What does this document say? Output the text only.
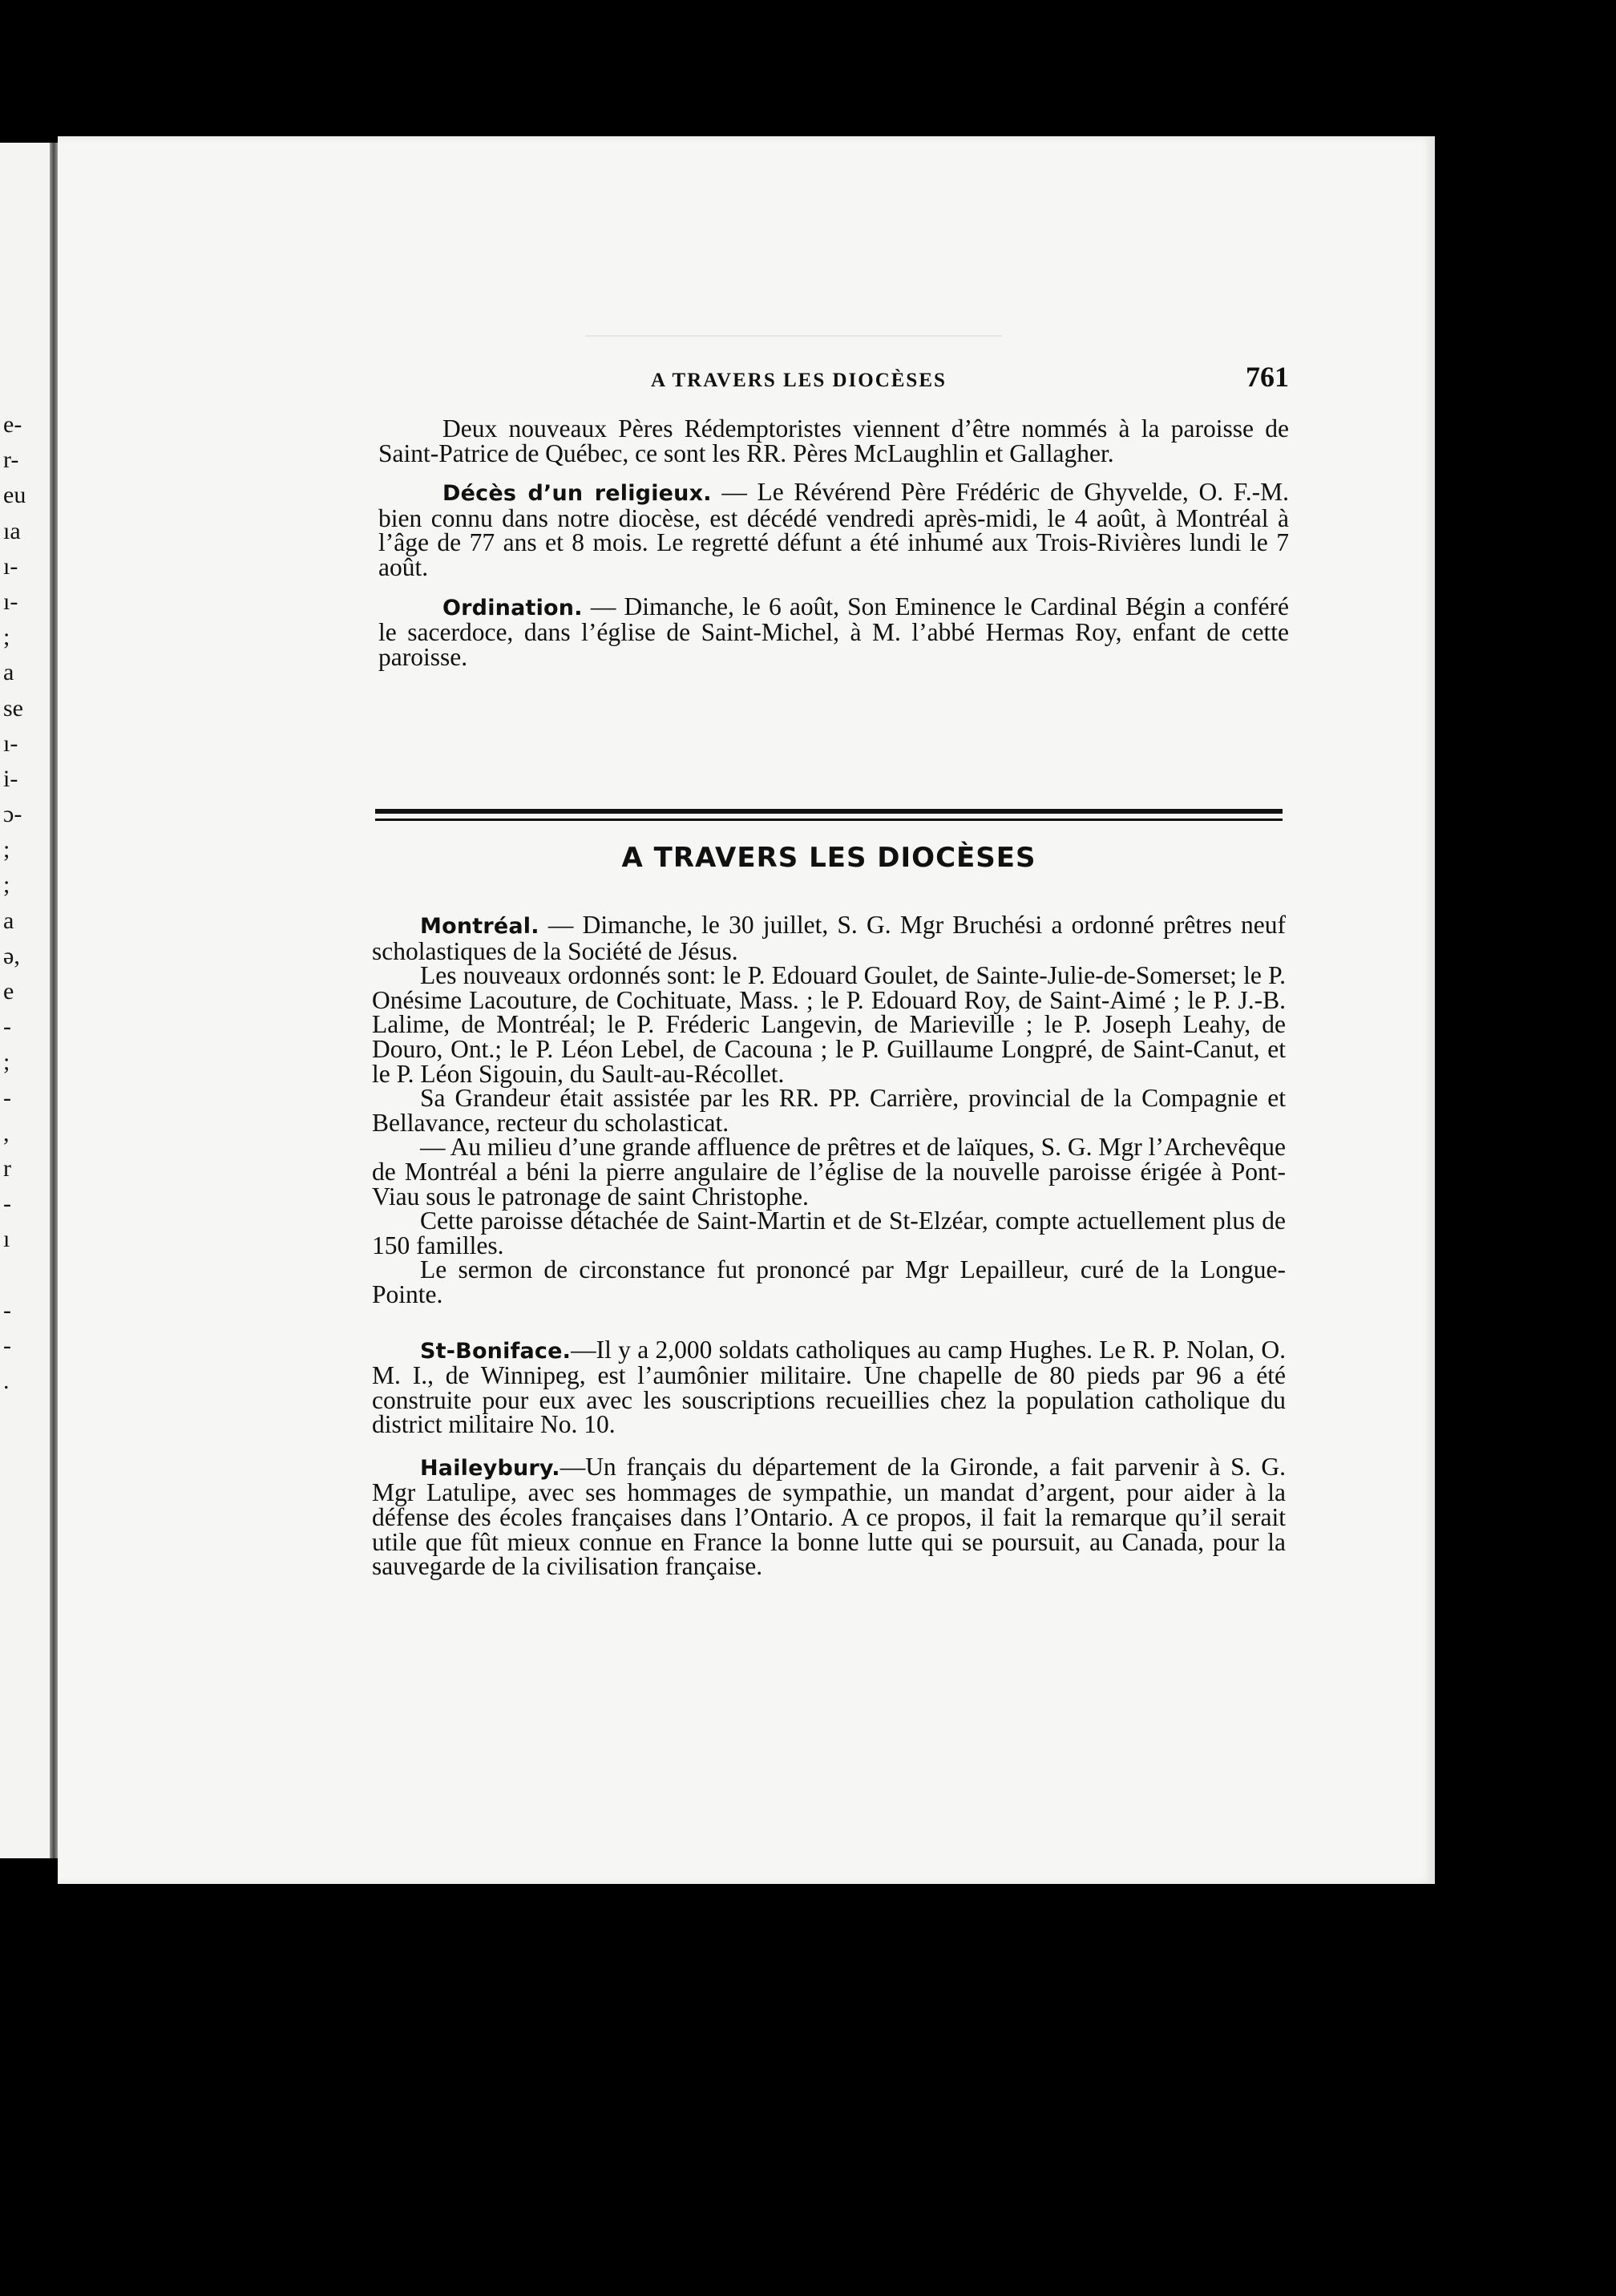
e-
r-
eu
ıa
ı-
ı-
;
a
se
ı-
i-
ɔ-
;
;
a
ə,
e
-
;
-
,
r
-
ı
-
-
.
A TRAVERS LES DIOCÈSES	761

Deux nouveaux Pères Rédemptoristes viennent d’être nommés à la paroisse de Saint-Patrice de Québec, ce sont les RR. Pères McLaughlin et Gallagher.

Décès d’un religieux. — Le Révérend Père Frédéric de Ghyvelde, O. F.-M. bien connu dans notre diocèse, est décédé vendredi après-midi, le 4 août, à Montréal à l’âge de 77 ans et 8 mois. Le regretté défunt a été inhumé aux Trois-Rivières lundi le 7 août.

Ordination. — Dimanche, le 6 août, Son Eminence le Cardinal Bégin a conféré le sacerdoce, dans l’église de Saint-Michel, à M. l’abbé Hermas Roy, enfant de cette paroisse.

A TRAVERS LES DIOCÈSES

Montréal. — Dimanche, le 30 juillet, S. G. Mgr Bruchési a ordonné prêtres neuf scholastiques de la Société de Jésus.

Les nouveaux ordonnés sont: le P. Edouard Goulet, de Sainte-Julie-de-Somerset; le P. Onésime Lacouture, de Cochituate, Mass. ; le P. Edouard Roy, de Saint-Aimé ; le P. J.-B. Lalime, de Montréal; le P. Fréderic Langevin, de Marieville ; le P. Joseph Leahy, de Douro, Ont.; le P. Léon Lebel, de Cacouna ; le P. Guillaume Longpré, de Saint-Canut, et le P. Léon Sigouin, du Sault-au-Récollet.

Sa Grandeur était assistée par les RR. PP. Carrière, provincial de la Compagnie et Bellavance, recteur du scholasticat.

— Au milieu d’une grande affluence de prêtres et de laïques, S. G. Mgr l’Archevêque de Montréal a béni la pierre angulaire de l’église de la nouvelle paroisse érigée à Pont-Viau sous le patronage de saint Christophe.

Cette paroisse détachée de Saint-Martin et de St-Elzéar, compte actuellement plus de 150 familles.

Le sermon de circonstance fut prononcé par Mgr Lepailleur, curé de la Longue-Pointe.

St-Boniface.—Il y a 2,000 soldats catholiques au camp Hughes. Le R. P. Nolan, O. M. I., de Winnipeg, est l’aumônier militaire. Une chapelle de 80 pieds par 96 a été construite pour eux avec les souscriptions recueillies chez la population catholique du district militaire No. 10.

Haileybury.—Un français du département de la Gironde, a fait parvenir à S. G. Mgr Latulipe, avec ses hommages de sympathie, un mandat d’argent, pour aider à la défense des écoles françaises dans l’Ontario. A ce propos, il fait la remarque qu’il serait utile que fût mieux connue en France la bonne lutte qui se poursuit, au Canada, pour la sauvegarde de la civilisation française.
